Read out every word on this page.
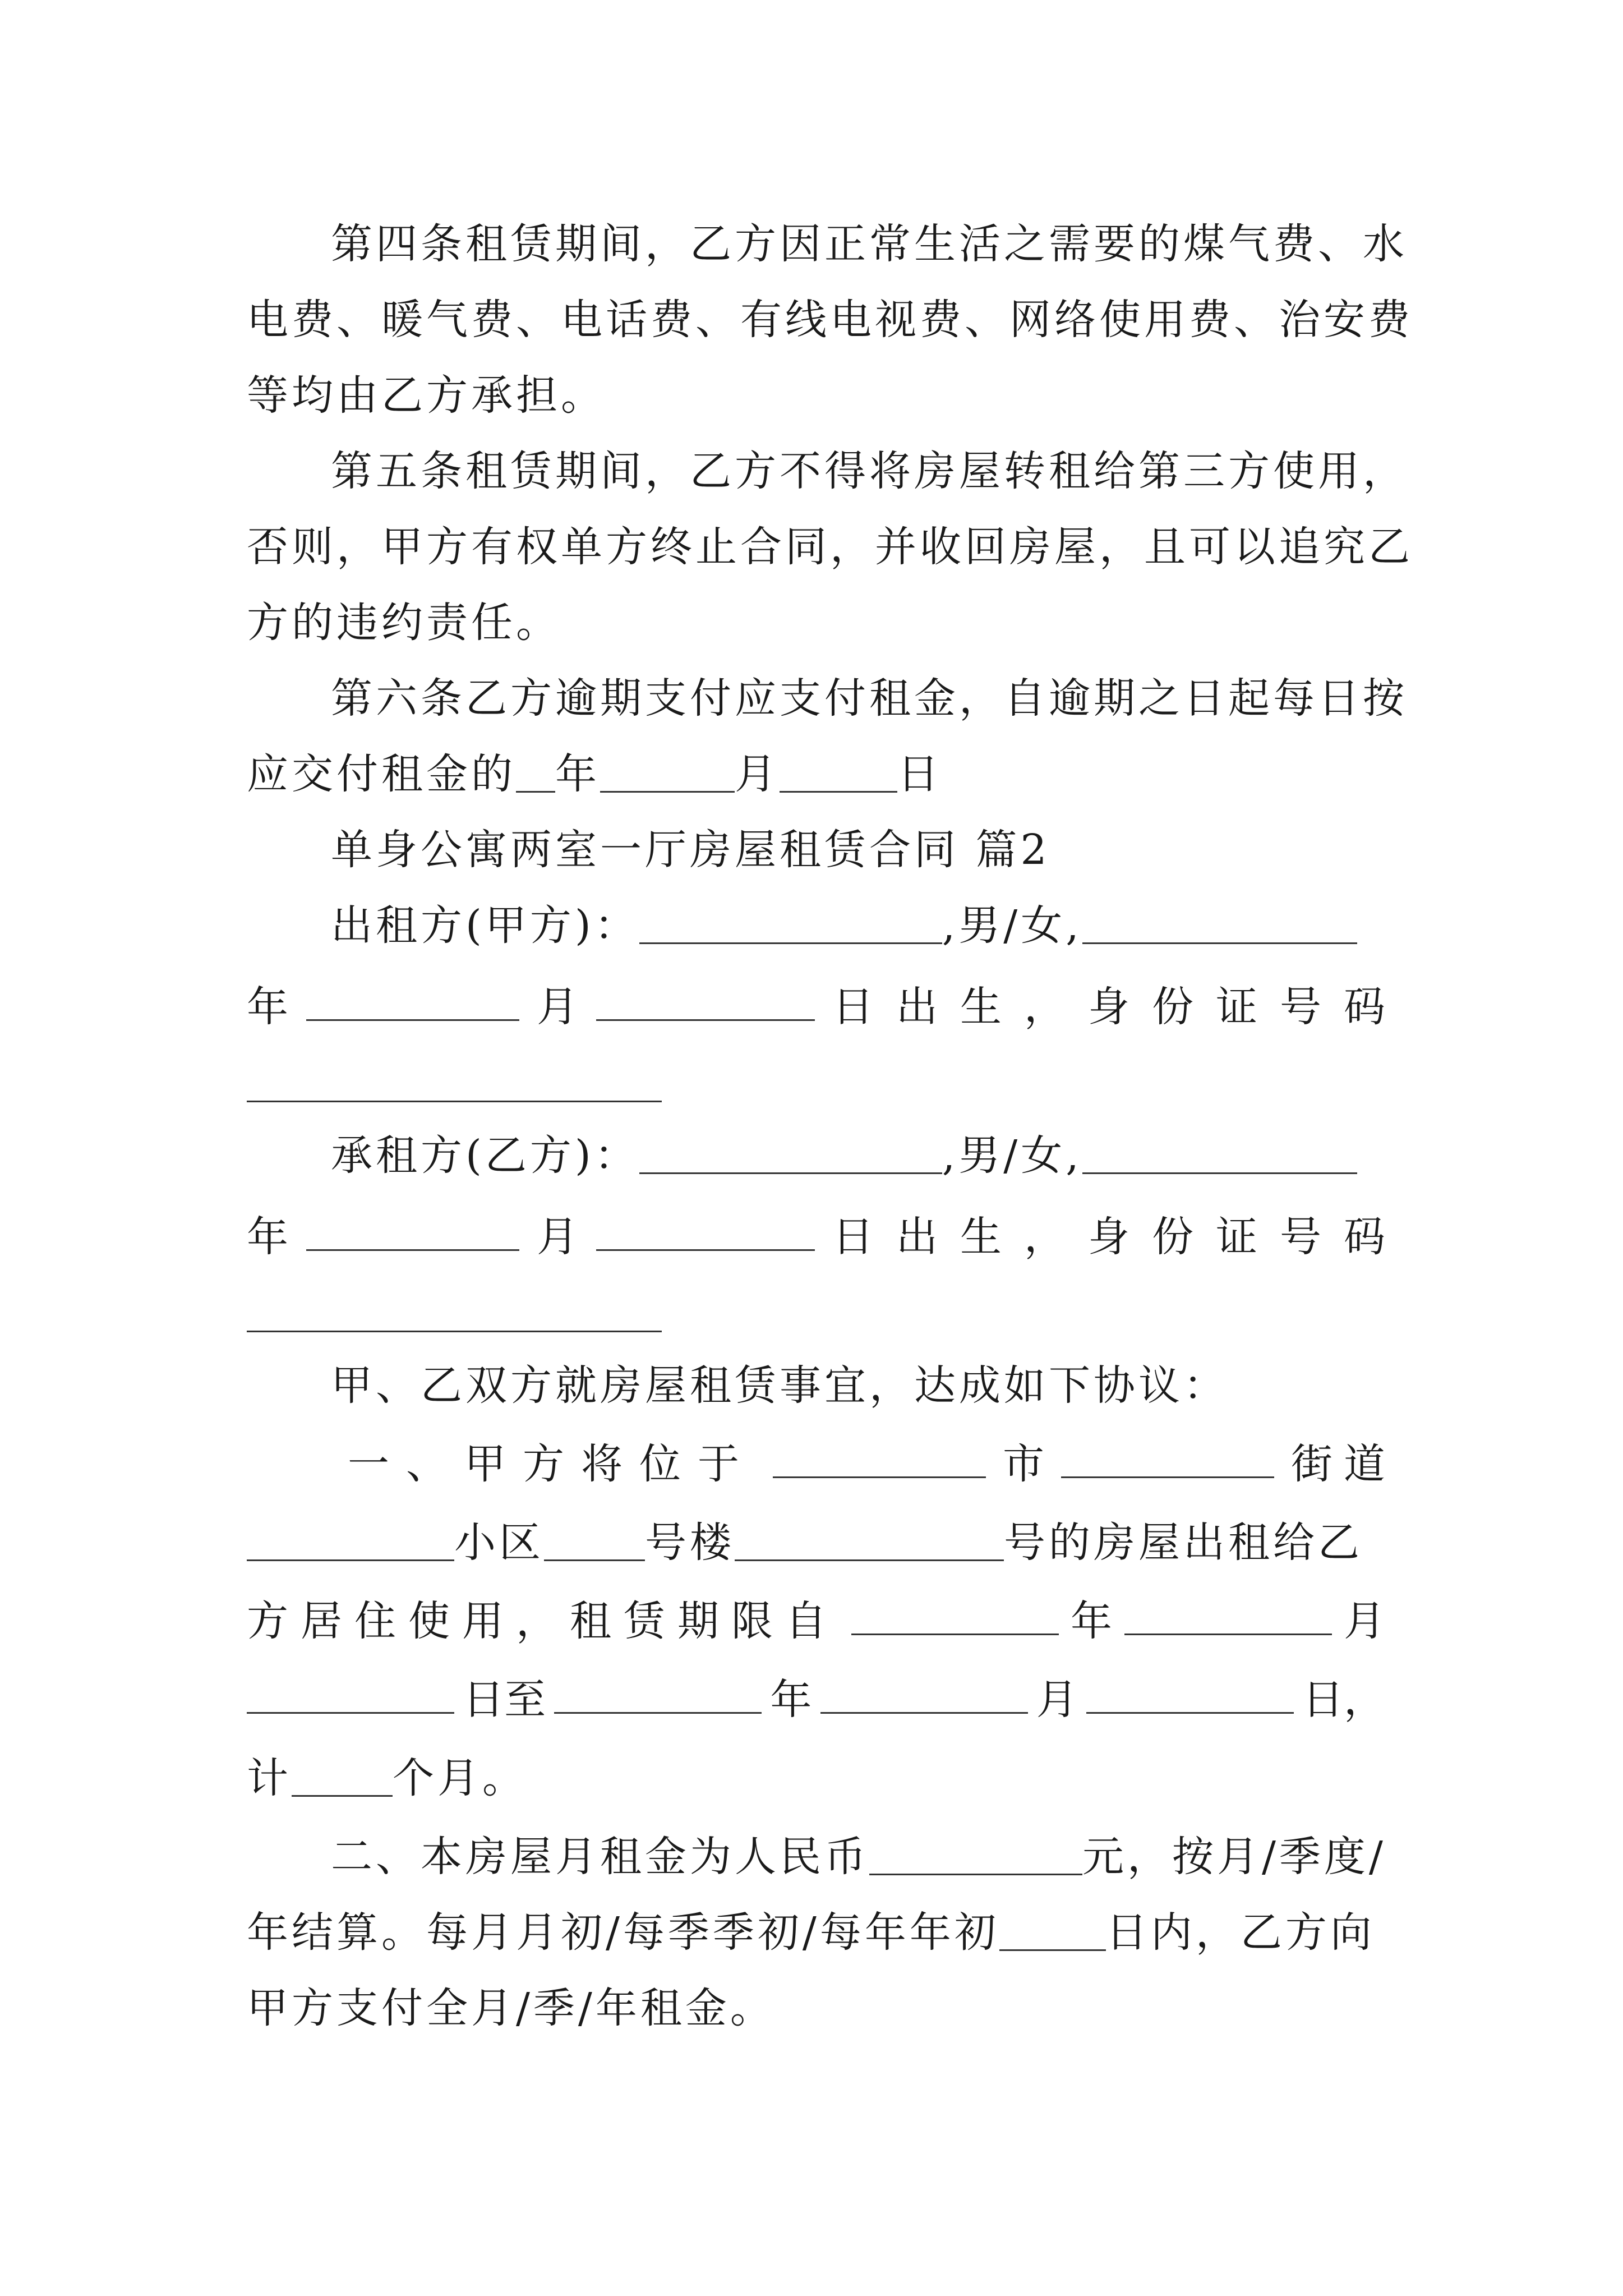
第四条租赁期间，乙方因正常生活之需要的煤气费、水
电费、暖气费、电话费、有线电视费、网络使用费、治安费
等均由乙方承担。
第五条租赁期间，乙方不得将房屋转租给第三方使用，
否则，甲方有权单方终止合同，并收回房屋，且可以追究乙
方的违约责任。
第六条乙方逾期支付应支付租金，自逾期之日起每日按
应交付租金的 年	月	日
单身公寓两室一厅房屋租赁合同 篇2
出租方(甲方)：	,男/女,
年	月	日出生，身份证号码
承租方(乙方)：	,男/女,
年	月	日出生，身份证号码
甲、乙双方就房屋租赁事宜，达成如下协议：
一、甲方将位于	市	街道
小区 号楼	号的房屋出租给乙
方居住使用，租赁期限自	年	月
日至	年	月	日，
计 个月。
二、本房屋月租金为人民币	元，按月/季度/
年结算。每月月初/每季季初/每年年初	日内，乙方向
甲方支付全月/季/年租金。
